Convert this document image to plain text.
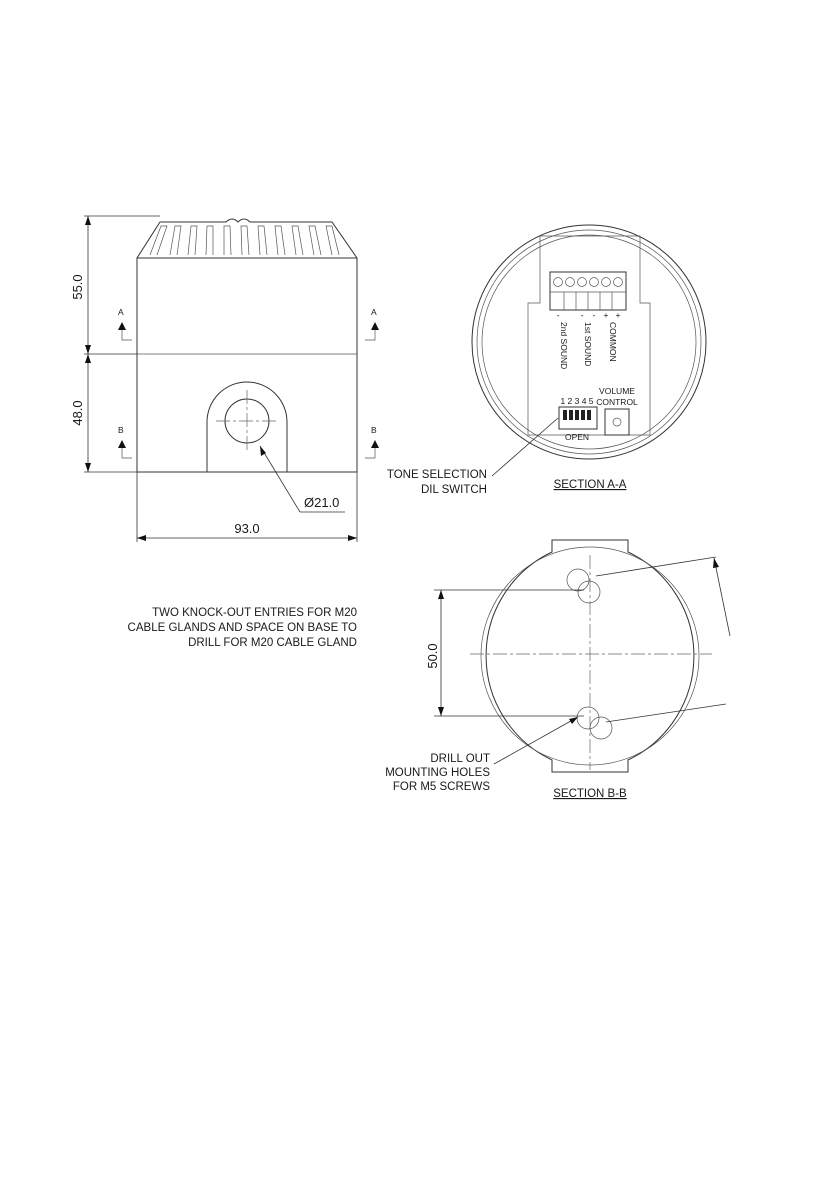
55.0
48.0
93.0
Ø21.0
A	A
B	B
- - - + +
2nd SOUND 1st SOUND COMMON
1 2 3 4 5
OPEN
VOLUME
CONTROL
TONE SELECTION
DIL SWITCH	SECTION A-A
TWO KNOCK-OUT ENTRIES FOR M20
CABLE GLANDS AND SPACE ON BASE TO
DRILL FOR M20 CABLE GLAND
50.0
DRILL OUT
MOUNTING HOLES
FOR M5 SCREWS
SECTION B-B
